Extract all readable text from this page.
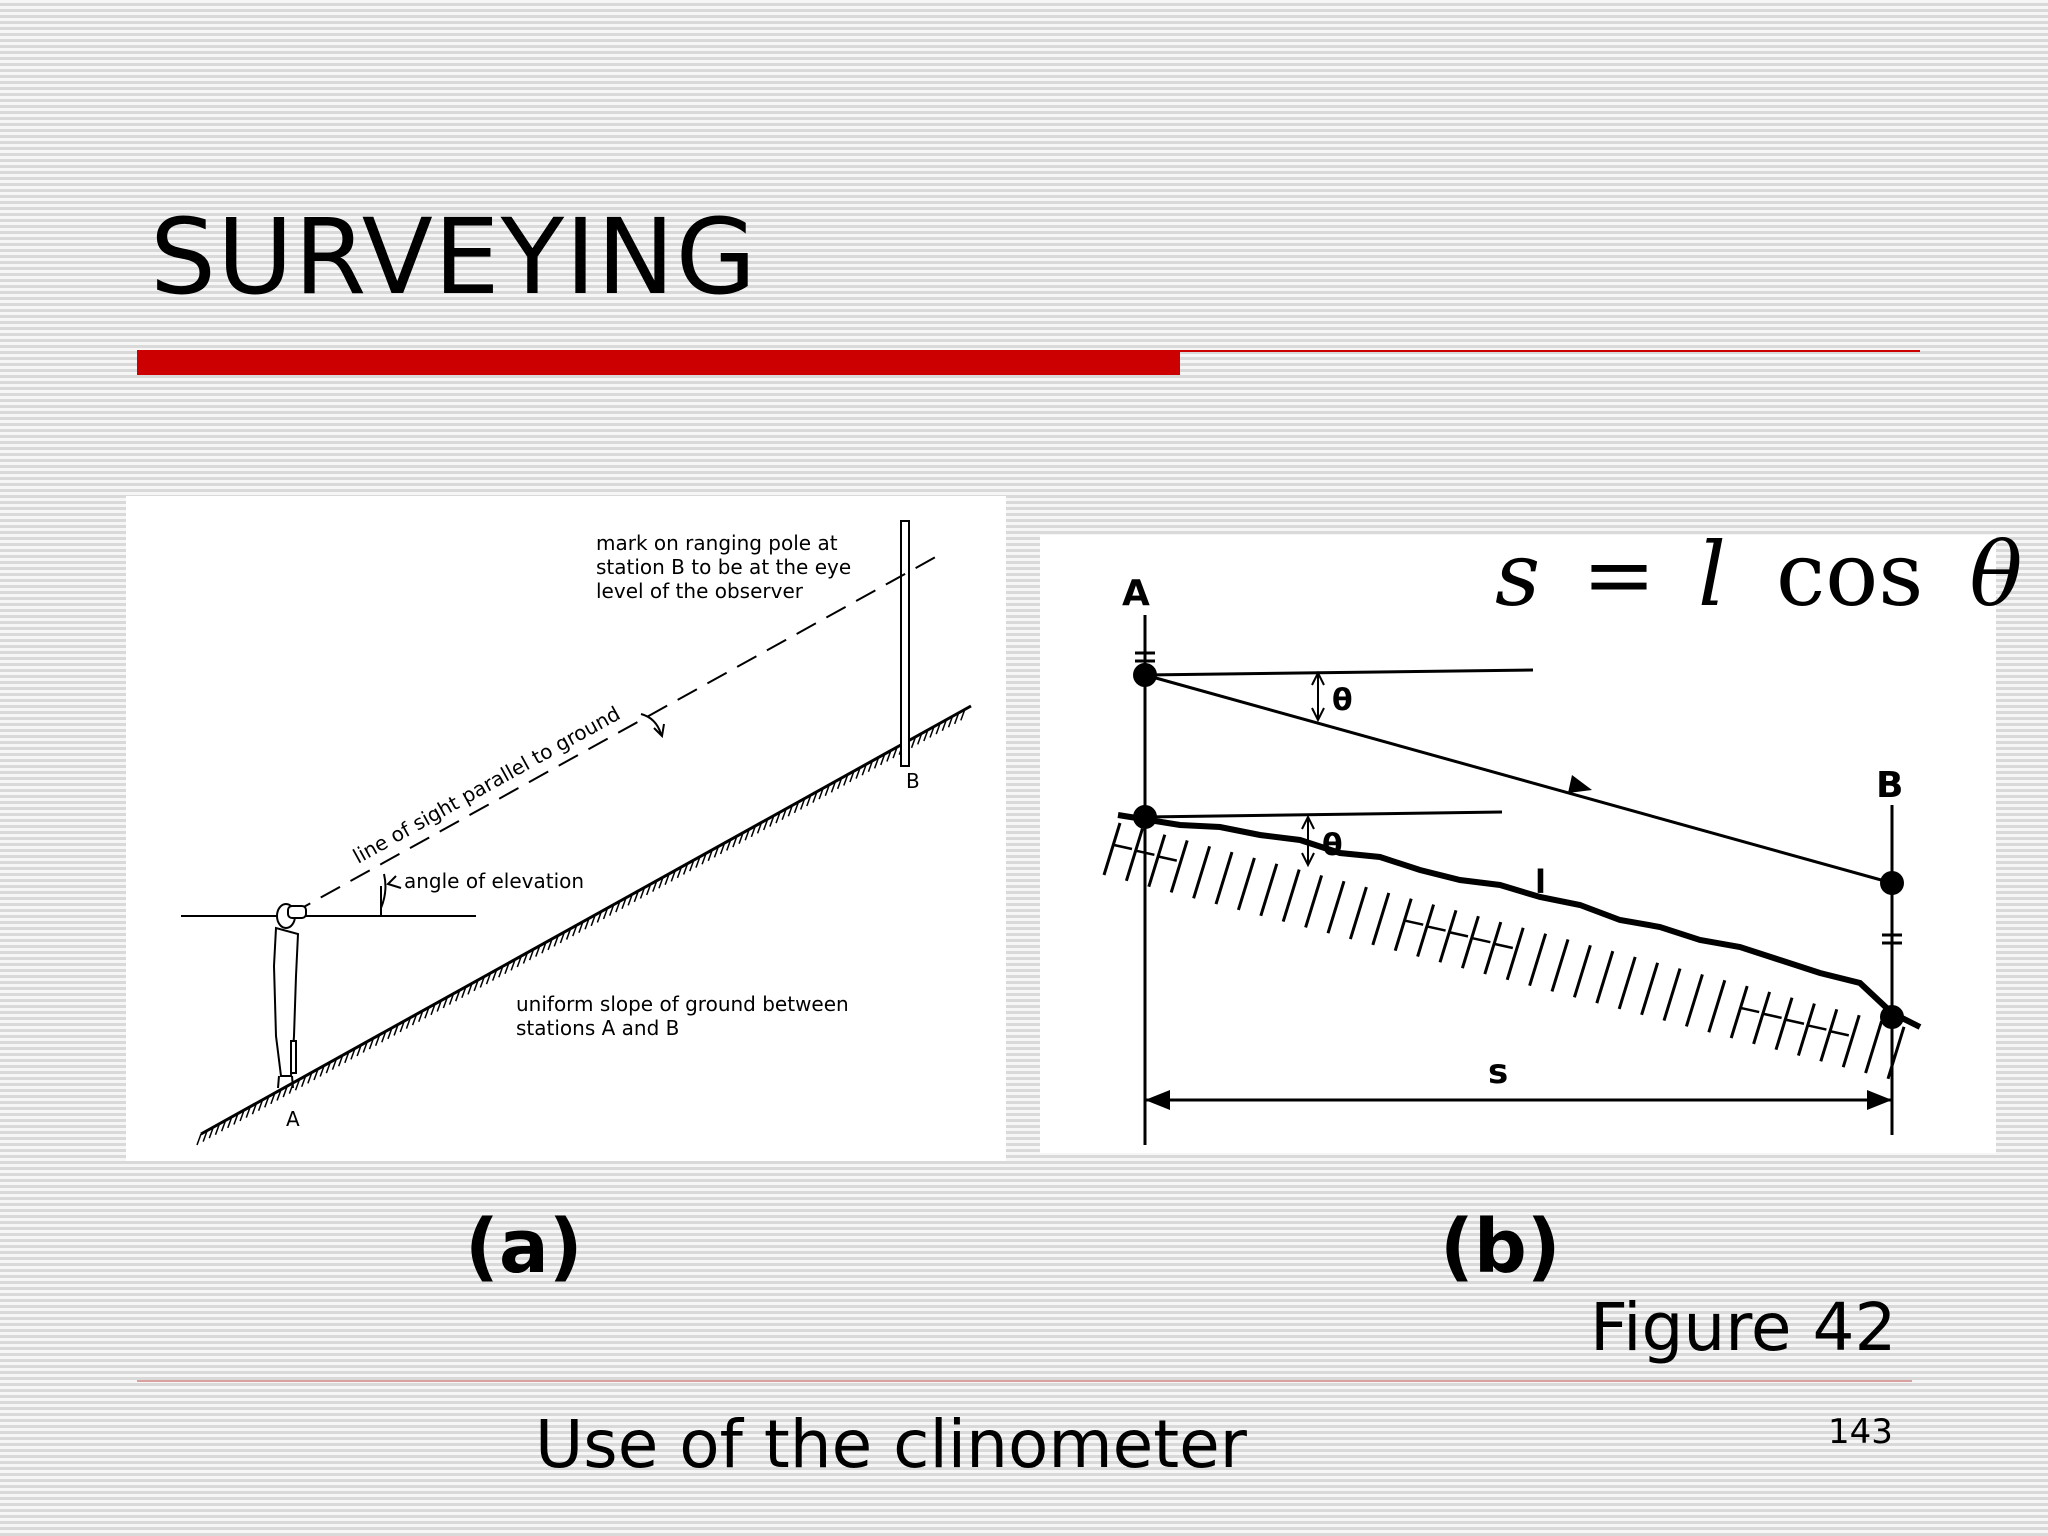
SURVEYING
mark on ranging pole at
station B to be at the eye
level of the observer
line of sight parallel to ground
angle of elevation
uniform slope of ground between
stations A and B
A
B
s = l cos θ
A
B
θ
θ
l
s
(a)	(b)
Figure 42
Use of the clinometer	143
